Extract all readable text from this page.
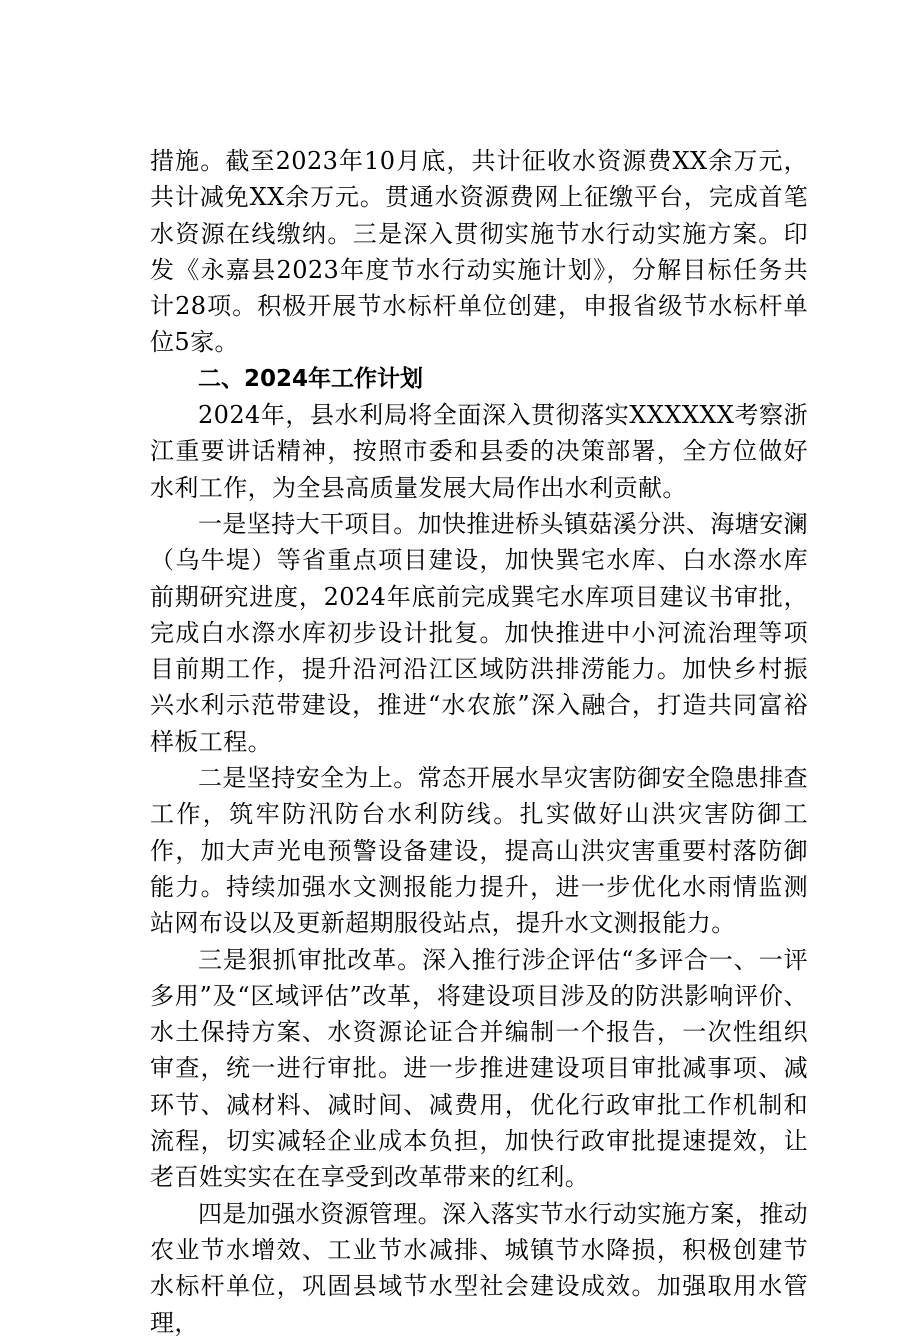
措施。截至2023年10月底，共计征收水资源费XX余万元，共计减免XX余万元。贯通水资源费网上征缴平台，完成首笔水资源在线缴纳。三是深入贯彻实施节水行动实施方案。印发《永嘉县2023年度节水行动实施计划》，分解目标任务共计28项。积极开展节水标杆单位创建，申报省级节水标杆单位5家。

二、2024年工作计划

2024年，县水利局将全面深入贯彻落实XXXXXX考察浙江重要讲话精神，按照市委和县委的决策部署，全方位做好水利工作，为全县高质量发展大局作出水利贡献。

一是坚持大干项目。加快推进桥头镇菇溪分洪、海塘安澜（乌牛堤）等省重点项目建设，加快巽宅水库、白水漈水库前期研究进度，2024年底前完成巽宅水库项目建议书审批，完成白水漈水库初步设计批复。加快推进中小河流治理等项目前期工作，提升沿河沿江区域防洪排涝能力。加快乡村振兴水利示范带建设，推进“水农旅”深入融合，打造共同富裕样板工程。

二是坚持安全为上。常态开展水旱灾害防御安全隐患排查工作，筑牢防汛防台水利防线。扎实做好山洪灾害防御工作，加大声光电预警设备建设，提高山洪灾害重要村落防御能力。持续加强水文测报能力提升，进一步优化水雨情监测站网布设以及更新超期服役站点，提升水文测报能力。

三是狠抓审批改革。深入推行涉企评估“多评合一、一评多用”及“区域评估”改革，将建设项目涉及的防洪影响评价、水土保持方案、水资源论证合并编制一个报告，一次性组织审查，统一进行审批。进一步推进建设项目审批减事项、减环节、减材料、减时间、减费用，优化行政审批工作机制和流程，切实减轻企业成本负担，加快行政审批提速提效，让老百姓实实在在享受到改革带来的红利。

四是加强水资源管理。深入落实节水行动实施方案，推动农业节水增效、工业节水减排、城镇节水降损，积极创建节水标杆单位，巩固县域节水型社会建设成效。加强取用水管理，
